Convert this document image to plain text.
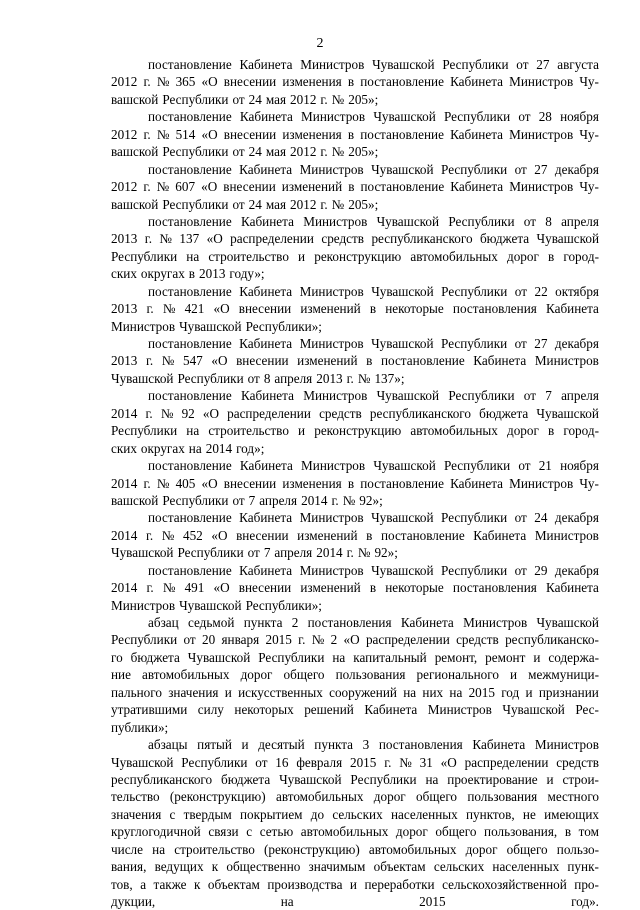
2
постановление Кабинета Министров Чувашской Республики от 27 августа
2012 г. № 365 «О внесении изменения в постановление Кабинета Министров Чу-
вашской Республики от 24 мая 2012 г. № 205»;
постановление Кабинета Министров Чувашской Республики от 28 ноября
2012 г. № 514 «О внесении изменения в постановление Кабинета Министров Чу-
вашской Республики от 24 мая 2012 г. № 205»;
постановление Кабинета Министров Чувашской Республики от 27 декабря
2012 г. № 607 «О внесении изменений в постановление Кабинета Министров Чу-
вашской Республики от 24 мая 2012 г. № 205»;
постановление Кабинета Министров Чувашской Республики от 8 апреля
2013 г. № 137 «О распределении средств республиканского бюджета Чувашской
Республики на строительство и реконструкцию автомобильных дорог в город-
ских округах в 2013 году»;
постановление Кабинета Министров Чувашской Республики от 22 октября
2013 г. № 421 «О внесении изменений в некоторые постановления Кабинета
Министров Чувашской Республики»;
постановление Кабинета Министров Чувашской Республики от 27 декабря
2013 г. № 547 «О внесении изменений в постановление Кабинета Министров
Чувашской Республики от 8 апреля 2013 г. № 137»;
постановление Кабинета Министров Чувашской Республики от 7 апреля
2014 г. № 92 «О распределении средств республиканского бюджета Чувашской
Республики на строительство и реконструкцию автомобильных дорог в город-
ских округах на 2014 год»;
постановление Кабинета Министров Чувашской Республики от 21 ноября
2014 г. № 405 «О внесении изменения в постановление Кабинета Министров Чу-
вашской Республики от 7 апреля 2014 г. № 92»;
постановление Кабинета Министров Чувашской Республики от 24 декабря
2014 г. № 452 «О внесении изменений в постановление Кабинета Министров
Чувашской Республики от 7 апреля 2014 г. № 92»;
постановление Кабинета Министров Чувашской Республики от 29 декабря
2014 г. № 491 «О внесении изменений в некоторые постановления Кабинета
Министров Чувашской Республики»;
абзац седьмой пункта 2 постановления Кабинета Министров Чувашской
Республики от 20 января 2015 г. № 2 «О распределении средств республиканско-
го бюджета Чувашской Республики на капитальный ремонт, ремонт и содержа-
ние автомобильных дорог общего пользования регионального и межмуници-
пального значения и искусственных сооружений на них на 2015 год и признании
утратившими силу некоторых решений Кабинета Министров Чувашской Рес-
публики»;
абзацы пятый и десятый пункта 3 постановления Кабинета Министров
Чувашской Республики от 16 февраля 2015 г. № 31 «О распределении средств
республиканского бюджета Чувашской Республики на проектирование и строи-
тельство (реконструкцию) автомобильных дорог общего пользования местного
значения с твердым покрытием до сельских населенных пунктов, не имеющих
круглогодичной связи с сетью автомобильных дорог общего пользования, в том
числе на строительство (реконструкцию) автомобильных дорог общего пользо-
вания, ведущих к общественно значимым объектам сельских населенных пунк-
тов, а также к объектам производства и переработки сельскохозяйственной про-
дукции,	на	2015	год».
